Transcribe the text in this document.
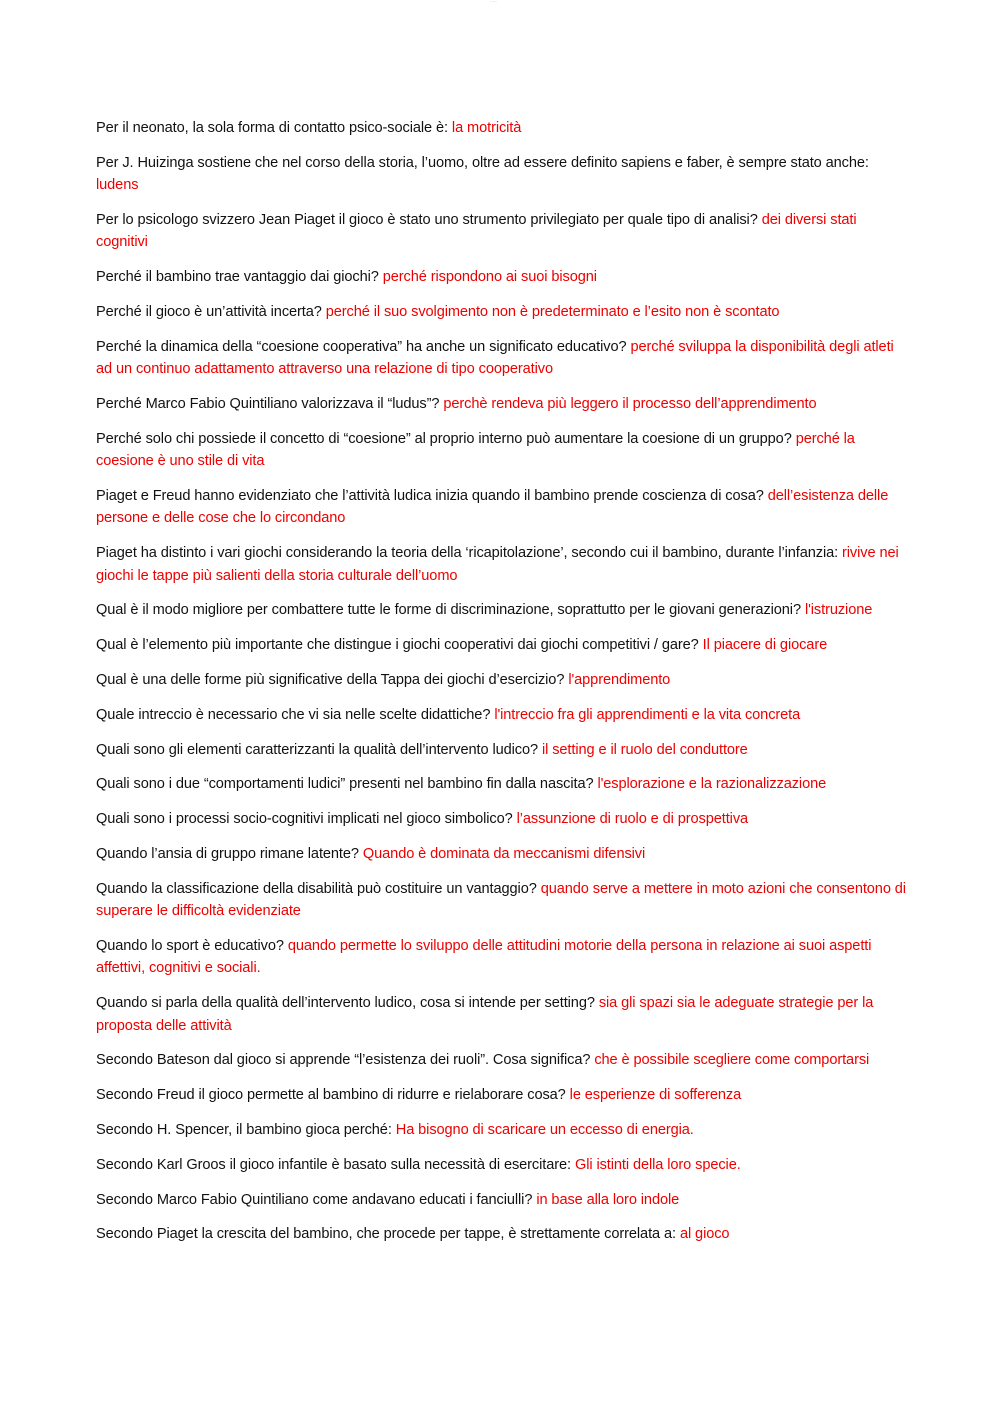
·····

Per il neonato, la sola forma di contatto psico-sociale è: la motricità

Per J. Huizinga sostiene che nel corso della storia, l’uomo, oltre ad essere definito sapiens e faber, è sempre stato anche: ludens

Per lo psicologo svizzero Jean Piaget il gioco è stato uno strumento privilegiato per quale tipo di analisi? dei diversi stati cognitivi

Perché il bambino trae vantaggio dai giochi? perché rispondono ai suoi bisogni

Perché il gioco è un’attività incerta? perché il suo svolgimento non è predeterminato e l’esito non è scontato

Perché la dinamica della “coesione cooperativa” ha anche un significato educativo? perché sviluppa la disponibilità degli atleti ad un continuo adattamento attraverso una relazione di tipo cooperativo

Perché Marco Fabio Quintiliano valorizzava il “ludus”? perchè rendeva più leggero il processo dell’apprendimento

Perché solo chi possiede il concetto di “coesione” al proprio interno può aumentare la coesione di un gruppo? perché la coesione è uno stile di vita

Piaget e Freud hanno evidenziato che l’attività ludica inizia quando il bambino prende coscienza di cosa? dell’esistenza delle persone e delle cose che lo circondano

Piaget ha distinto i vari giochi considerando la teoria della ‘ricapitolazione’, secondo cui il bambino, durante l’infanzia: rivive nei giochi le tappe più salienti della storia culturale dell’uomo

Qual è il modo migliore per combattere tutte le forme di discriminazione, soprattutto per le giovani generazioni? l'istruzione

Qual è l’elemento più importante che distingue i giochi cooperativi dai giochi competitivi / gare? Il piacere di giocare

Qual è una delle forme più significative della Tappa dei giochi d’esercizio? l'apprendimento

Quale intreccio è necessario che vi sia nelle scelte didattiche? l'intreccio fra gli apprendimenti e la vita concreta

Quali sono gli elementi caratterizzanti la qualità dell’intervento ludico? il setting e il ruolo del conduttore

Quali sono i due “comportamenti ludici” presenti nel bambino fin dalla nascita? l'esplorazione e la razionalizzazione

Quali sono i processi socio-cognitivi implicati nel gioco simbolico? l’assunzione di ruolo e di prospettiva

Quando l’ansia di gruppo rimane latente? Quando è dominata da meccanismi difensivi

Quando la classificazione della disabilità può costituire un vantaggio? quando serve a mettere in moto azioni che consentono di superare le difficoltà evidenziate

Quando lo sport è educativo? quando permette lo sviluppo delle attitudini motorie della persona in relazione ai suoi aspetti affettivi, cognitivi e sociali.

Quando si parla della qualità dell’intervento ludico, cosa si intende per setting? sia gli spazi sia le adeguate strategie per la proposta delle attività

Secondo Bateson dal gioco si apprende “l’esistenza dei ruoli”. Cosa significa? che è possibile scegliere come comportarsi

Secondo Freud il gioco permette al bambino di ridurre e rielaborare cosa? le esperienze di sofferenza

Secondo H. Spencer, il bambino gioca perché: Ha bisogno di scaricare un eccesso di energia.

Secondo Karl Groos il gioco infantile è basato sulla necessità di esercitare: Gli istinti della loro specie.

Secondo Marco Fabio Quintiliano come andavano educati i fanciulli? in base alla loro indole

Secondo Piaget la crescita del bambino, che procede per tappe, è strettamente correlata a: al gioco
